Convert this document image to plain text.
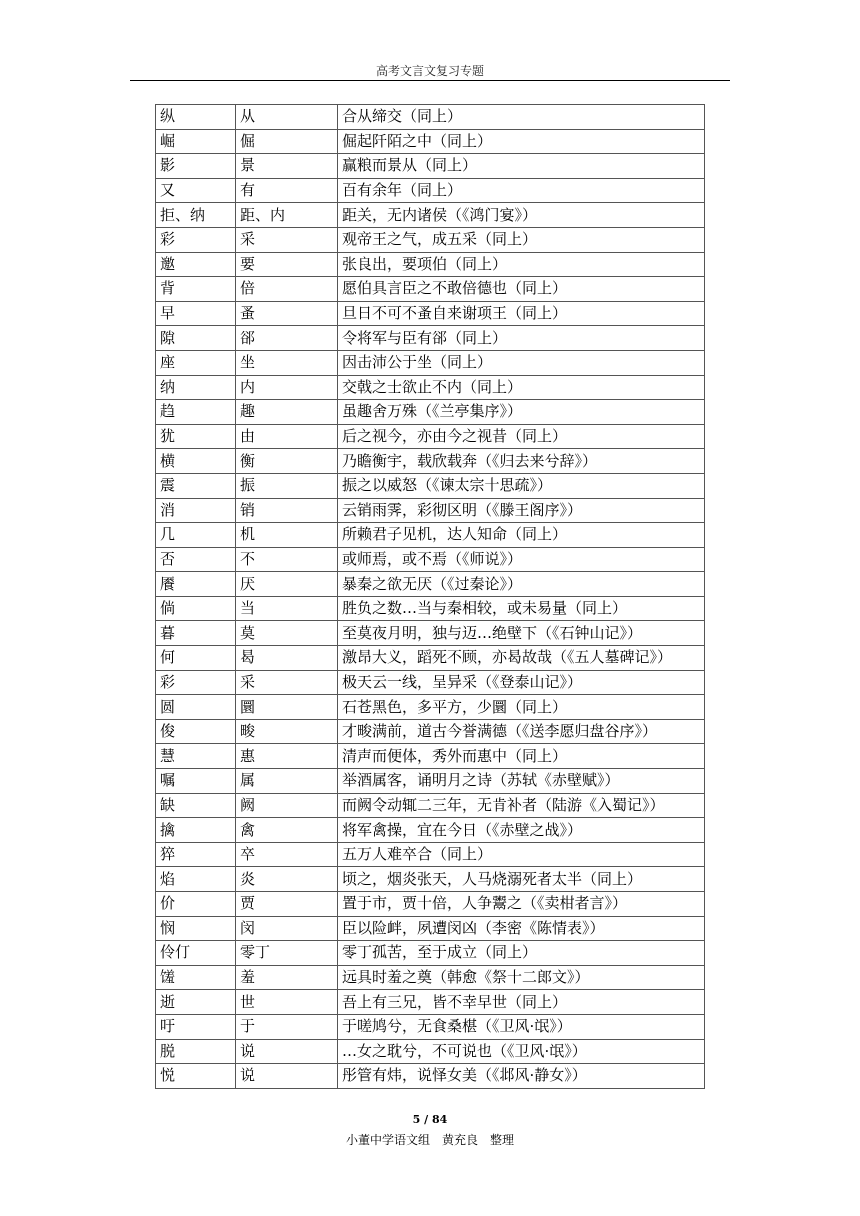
高考文言文复习专题
纵	从	合从缔交（同上）
崛	倔	倔起阡陌之中（同上）
影	景	赢粮而景从（同上）
又	有	百有余年（同上）
拒、纳	距、内	距关，无内诸侯（《鸿门宴》）
彩	采	观帝王之气，成五采（同上）
邀	要	张良出，要项伯（同上）
背	倍	愿伯具言臣之不敢倍德也（同上）
早	蚤	旦日不可不蚤自来谢项王（同上）
隙	郤	令将军与臣有郤（同上）
座	坐	因击沛公于坐（同上）
纳	内	交戟之士欲止不内（同上）
趋	趣	虽趣舍万殊（《兰亭集序》）
犹	由	后之视今，亦由今之视昔（同上）
横	衡	乃瞻衡宇，载欣载奔（《归去来兮辞》）
震	振	振之以威怒（《谏太宗十思疏》）
消	销	云销雨霁，彩彻区明（《滕王阁序》）
几	机	所赖君子见机，达人知命（同上）
否	不	或师焉，或不焉（《师说》）
餍	厌	暴秦之欲无厌（《过秦论》）
倘	当	胜负之数…当与秦相较，或未易量（同上）
暮	莫	至莫夜月明，独与迈…绝壁下（《石钟山记》）
何	曷	激昂大义，蹈死不顾，亦曷故哉（《五人墓碑记》）
彩	采	极天云一线，呈异采（《登泰山记》）
圆	圜	石苍黑色，多平方，少圜（同上）
俊	畯	才畯满前，道古今誉满德（《送李愿归盘谷序》）
慧	惠	清声而便体，秀外而惠中（同上）
嘱	属	举酒属客，诵明月之诗（苏轼《赤壁赋》）
缺	阙	而阙令动辄二三年，无肯补者（陆游《入蜀记》）
擒	禽	将军禽操，宜在今日（《赤壁之战》）
猝	卒	五万人难卒合（同上）
焰	炎	顷之，烟炎张天，人马烧溺死者太半（同上）
价	贾	置于市，贾十倍，人争鬻之（《卖柑者言》）
悯	闵	臣以险衅，夙遭闵凶（李密《陈情表》）
伶仃	零丁	零丁孤苦，至于成立（同上）
馐	羞	远具时羞之奠（韩愈《祭十二郎文》）
逝	世	吾上有三兄，皆不幸早世（同上）
吁	于	于嗟鸠兮，无食桑椹（《卫风·氓》）
脱	说	…女之耽兮，不可说也（《卫风·氓》）
悦	说	彤管有炜，说怿女美（《邶风·静女》）
5 / 84
小董中学语文组　黄充良　整理
